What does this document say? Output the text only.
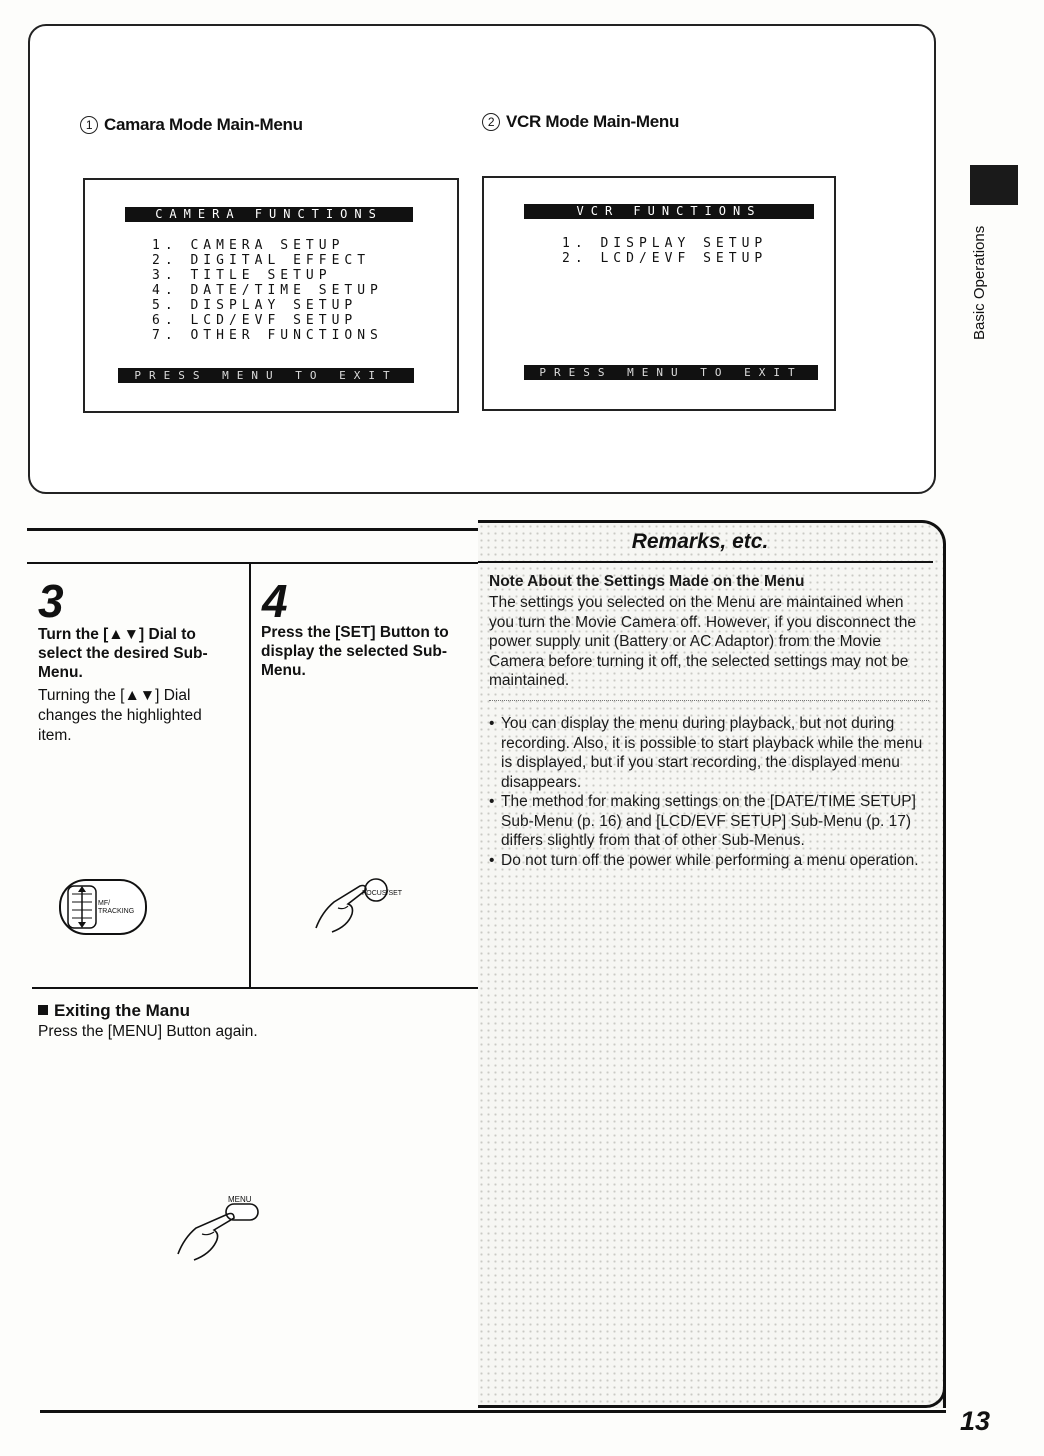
1 Camara Mode Main-Menu	2 VCR Mode Main-Menu
CAMERA FUNCTIONS
1. CAMERA SETUP
2. DIGITAL EFFECT
3. TITLE SETUP
4. DATE/TIME SETUP
5. DISPLAY SETUP
6. LCD/EVF SETUP
7. OTHER FUNCTIONS
PRESS MENU TO EXIT
VCR FUNCTIONS
1. DISPLAY SETUP
2. LCD/EVF SETUP
PRESS MENU TO EXIT
Basic Operations
3
Turn the [▲▼] Dial to select the desired Sub-Menu.
Turning the [▲▼] Dial changes the highlighted item.
MF/ TRACKING
4
Press the [SET] Button to display the selected Sub-Menu.
FOCUS/SET
Exiting the Manu
Press the [MENU] Button again.
MENU
Remarks, etc.
Note About the Settings Made on the Menu
The settings you selected on the Menu are maintained when you turn the Movie Camera off. However, if you disconnect the power supply unit (Battery or AC Adaptor) from the Movie Camera before turning it off, the selected settings may not be maintained.
• You can display the menu during playback, but not during recording. Also, it is possible to start playback while the menu is displayed, but if you start recording, the displayed menu disappears.
• The method for making settings on the [DATE/TIME SETUP] Sub-Menu (p. 16) and [LCD/EVF SETUP] Sub-Menu (p. 17) differs slightly from that of other Sub-Menus.
• Do not turn off the power while performing a menu operation.
13
